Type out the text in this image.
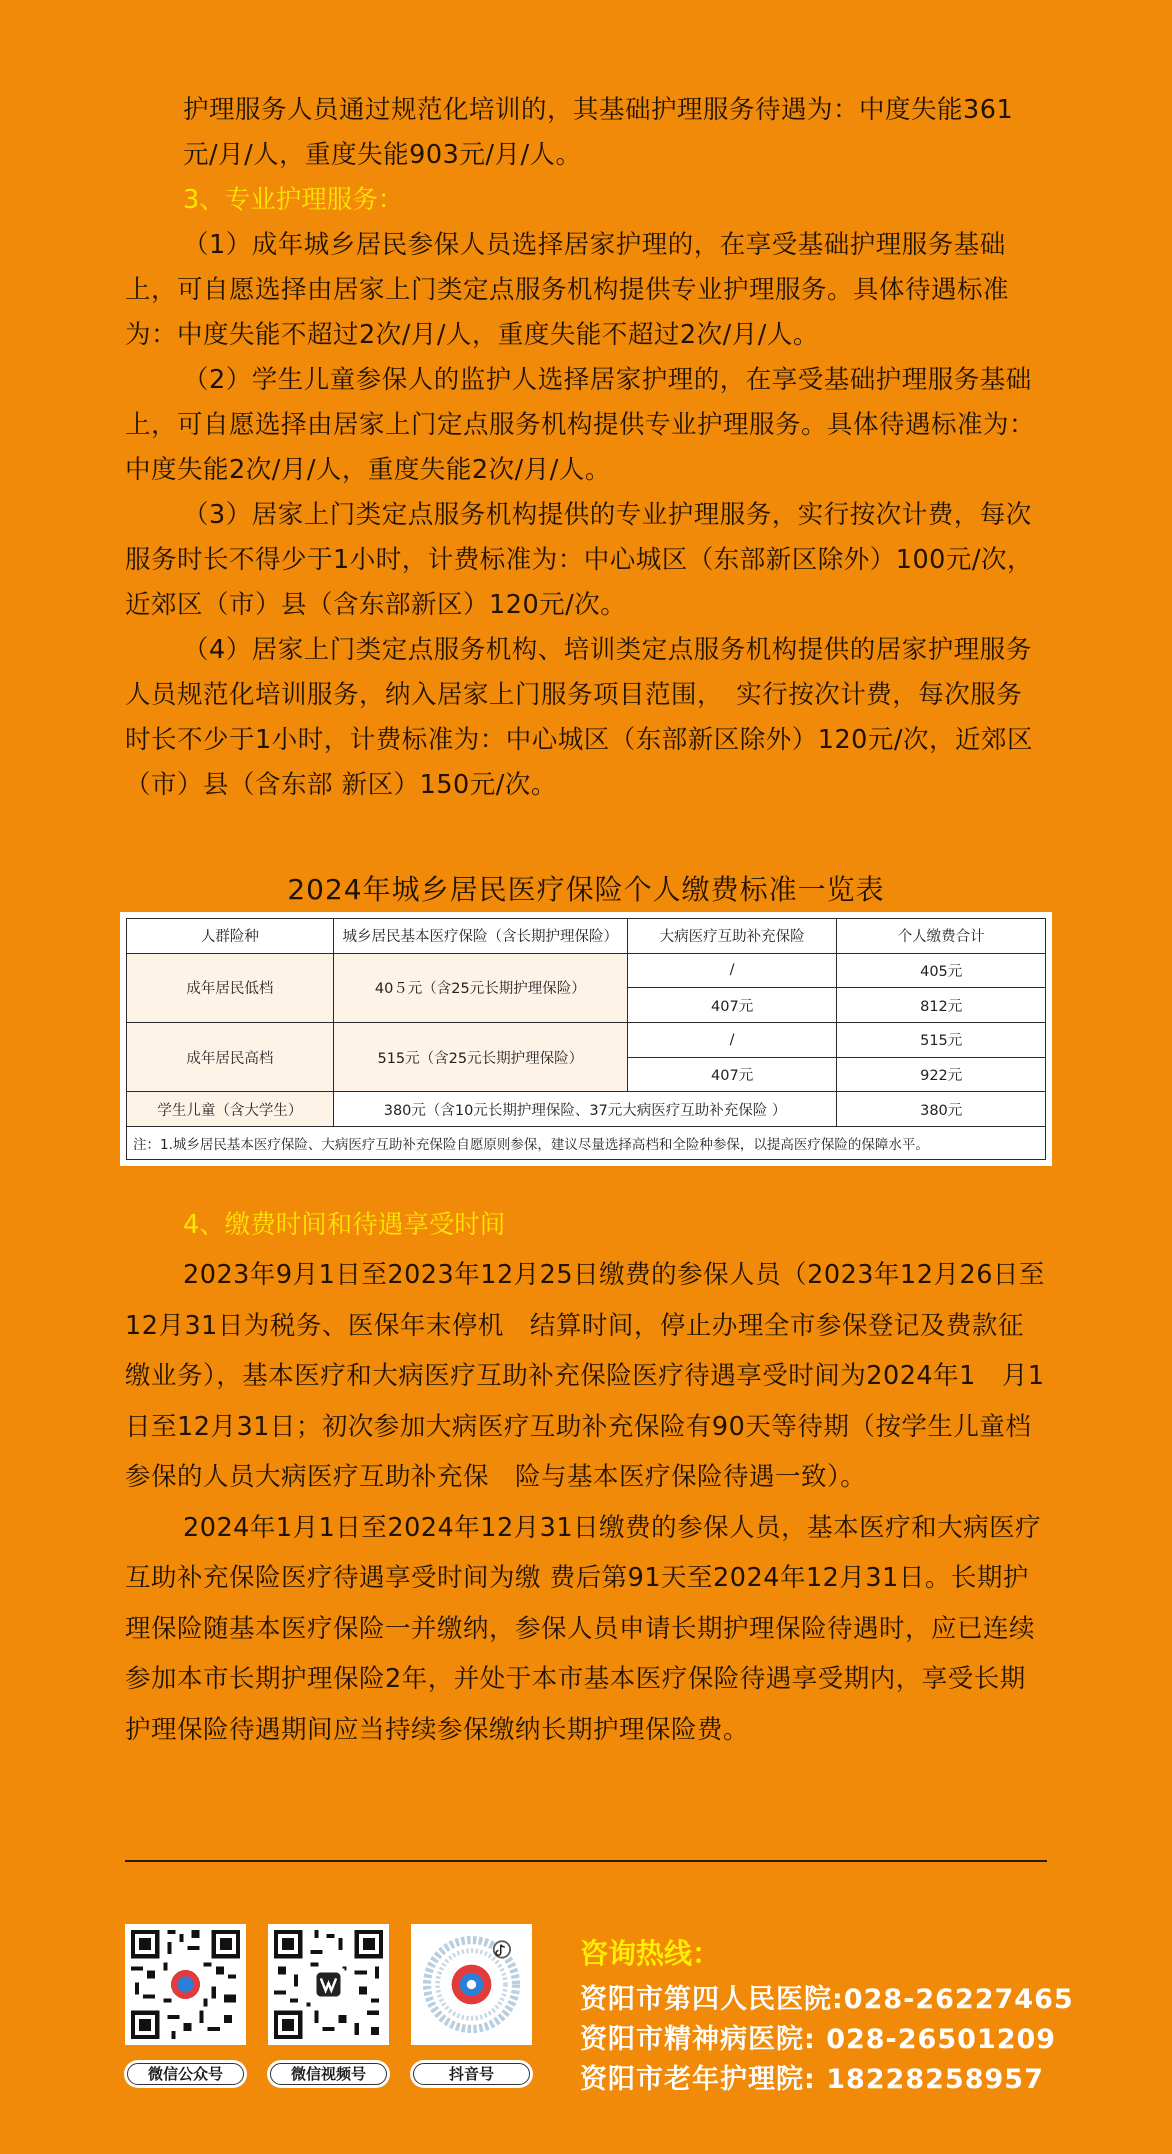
护理服务人员通过规范化培训的，其基础护理服务待遇为：中度失能361元/月/人，重度失能903元/月/人。

3、专业护理服务：

（1）成年城乡居民参保人员选择居家护理的，在享受基础护理服务基础上，可自愿选择由居家上门类定点服务机构提供专业护理服务。具体待遇标准为：中度失能不超过2次/月/人，重度失能不超过2次/月/人。

（2）学生儿童参保人的监护人选择居家护理的，在享受基础护理服务基础上，可自愿选择由居家上门定点服务机构提供专业护理服务。具体待遇标准为：中度失能2次/月/人，重度失能2次/月/人。

（3）居家上门类定点服务机构提供的专业护理服务，实行按次计费，每次服务时长不得少于1小时，计费标准为：中心城区（东部新区除外）100元/次，近郊区（市）县（含东部新区）120元/次。

（4）居家上门类定点服务机构、培训类定点服务机构提供的居家护理服务人员规范化培训服务，纳入居家上门服务项目范围，　实行按次计费，每次服务时长不少于1小时，计费标准为：中心城区（东部新区除外）120元/次，近郊区（市）县（含东部 新区）150元/次。

2024年城乡居民医疗保险个人缴费标准一览表
人群险种	城乡居民基本医疗保险（含长期护理保险）	大病医疗互助补充保险	个人缴费合计
成年居民低档	40５元（含25元长期护理保险）	/	405元
		407元	812元
成年居民高档	515元（含25元长期护理保险）	/	515元
		407元	922元
学生儿童（含大学生）	380元（含10元长期护理保险、37元大病医疗互助补充保险 ）		380元
注：1.城乡居民基本医疗保险、大病医疗互助补充保险自愿原则参保，建议尽量选择高档和全险种参保，以提高医疗保险的保障水平。			

4、缴费时间和待遇享受时间

2023年9月1日至2023年12月25日缴费的参保人员（2023年12月26日至12月31日为税务、医保年末停机　结算时间，停止办理全市参保登记及费款征缴业务），基本医疗和大病医疗互助补充保险医疗待遇享受时间为2024年1　月1日至12月31日；初次参加大病医疗互助补充保险有90天等待期（按学生儿童档参保的人员大病医疗互助补充保　险与基本医疗保险待遇一致）。

2024年1月1日至2024年12月31日缴费的参保人员，基本医疗和大病医疗互助补充保险医疗待遇享受时间为缴 费后第91天至2024年12月31日。长期护理保险随基本医疗保险一并缴纳，参保人员申请长期护理保险待遇时，应已连续参加本市长期护理保险2年，并处于本市基本医疗保险待遇享受期内，享受长期护理保险待遇期间应当持续参保缴纳长期护理保险费。

微信公众号	微信视频号	抖音号
咨询热线：
资阳市第四人民医院:028-26227465
资阳市精神病医院: 028-26501209
资阳市老年护理院: 18228258957
